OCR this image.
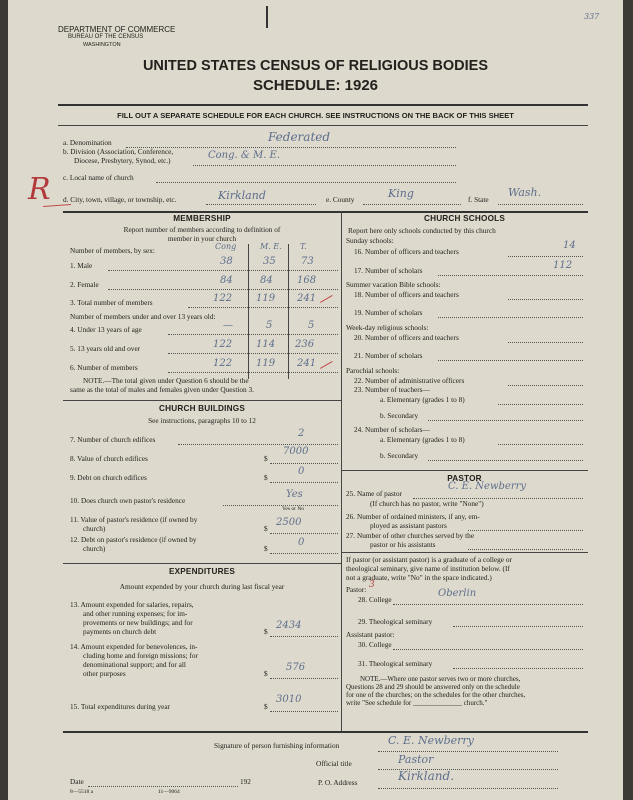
DEPARTMENT OF COMMERCE
BUREAU OF THE CENSUS
WASHINGTON
337
UNITED STATES CENSUS OF RELIGIOUS BODIES
SCHEDULE: 1926
FILL OUT A SEPARATE SCHEDULE FOR EACH CHURCH. SEE INSTRUCTIONS ON THE BACK OF THIS SHEET
a. Denomination	Federated
b. Division (Association, Conference,
Diocese, Presbytery, Synod, etc.)	Cong. & M. E.
c. Local name of church
R d. City, town, village, or township, etc.	Kirkland	e. County	King	f. State
Wash.
MEMBERSHIP
Report number of members according to definition of
member in your church
Number of members, by sex:	Cong	M. E. T.
1. Male	38	35	73
2. Female	84	84 168
3. Total number of members	122 119 241
Number of members under and over 13 years old:
4. Under 13 years of age	—	5	5
5. 13 years old and over	122 114 236
6. Number of members	122 119 241
NOTE.—The total given under Question 6 should be the
same as the total of males and females given under Question 3.
CHURCH BUILDINGS
See instructions, paragraphs 10 to 12
7. Number of church edifices
2
8. Value of church edifices	$
7000
9. Debt on church edifices	$
0
10. Does church own pastor's residence
Yes
Yes or No
11. Value of pastor's residence (if owned by
church)	$
2500
12. Debt on pastor's residence (if owned by
church)	$
0
EXPENDITURES
Amount expended by your church during last fiscal year
13. Amount expended for salaries, repairs,
and other running expenses; for im-
provements or new buildings; and for
payments on church debt	$
2434
14. Amount expended for benevolences, in-
cluding home and foreign missions; for
denominational support; and for all
other purposes	$
576
15. Total expenditures during year	$
3010
CHURCH SCHOOLS
Report here only schools conducted by this church
Sunday schools:
16. Number of officers and teachers
14
17. Number of scholars	112
Summer vacation Bible schools:
18. Number of officers and teachers
19. Number of scholars
Week-day religious schools:
20. Number of officers and teachers
21. Number of scholars
Parochial schools:
22. Number of administrative officers
23. Number of teachers—
a. Elementary (grades 1 to 8)
b. Secondary
24. Number of scholars—
a. Elementary (grades 1 to 8)
b. Secondary
PASTOR
25. Name of pastor
C. E. Newberry
(If church has no pastor, write "None")
26. Number of ordained ministers, if any, em-
ployed as assistant pastors
27. Number of other churches served by the
pastor or his assistants
If pastor (or assistant pastor) is a graduate of a college or
theological seminary, give name of institution below. (If
not a graduate, write "No" in the space indicated.)
Pastor: 3
28. College
Oberlin
29. Theological seminary
Assistant pastor:
30. College
31. Theological seminary
NOTE.—Where one pastor serves two or more churches,
Questions 28 and 29 should be answered only on the schedule
for one of the churches; on the schedules for the other churches,
write "See schedule for ______________ church."
Signature of person furnishing information	C. E. Newberry
Official title	Pastor
P. O. Address	Kirkland.
Date	192
8—5518 a	11—9064
